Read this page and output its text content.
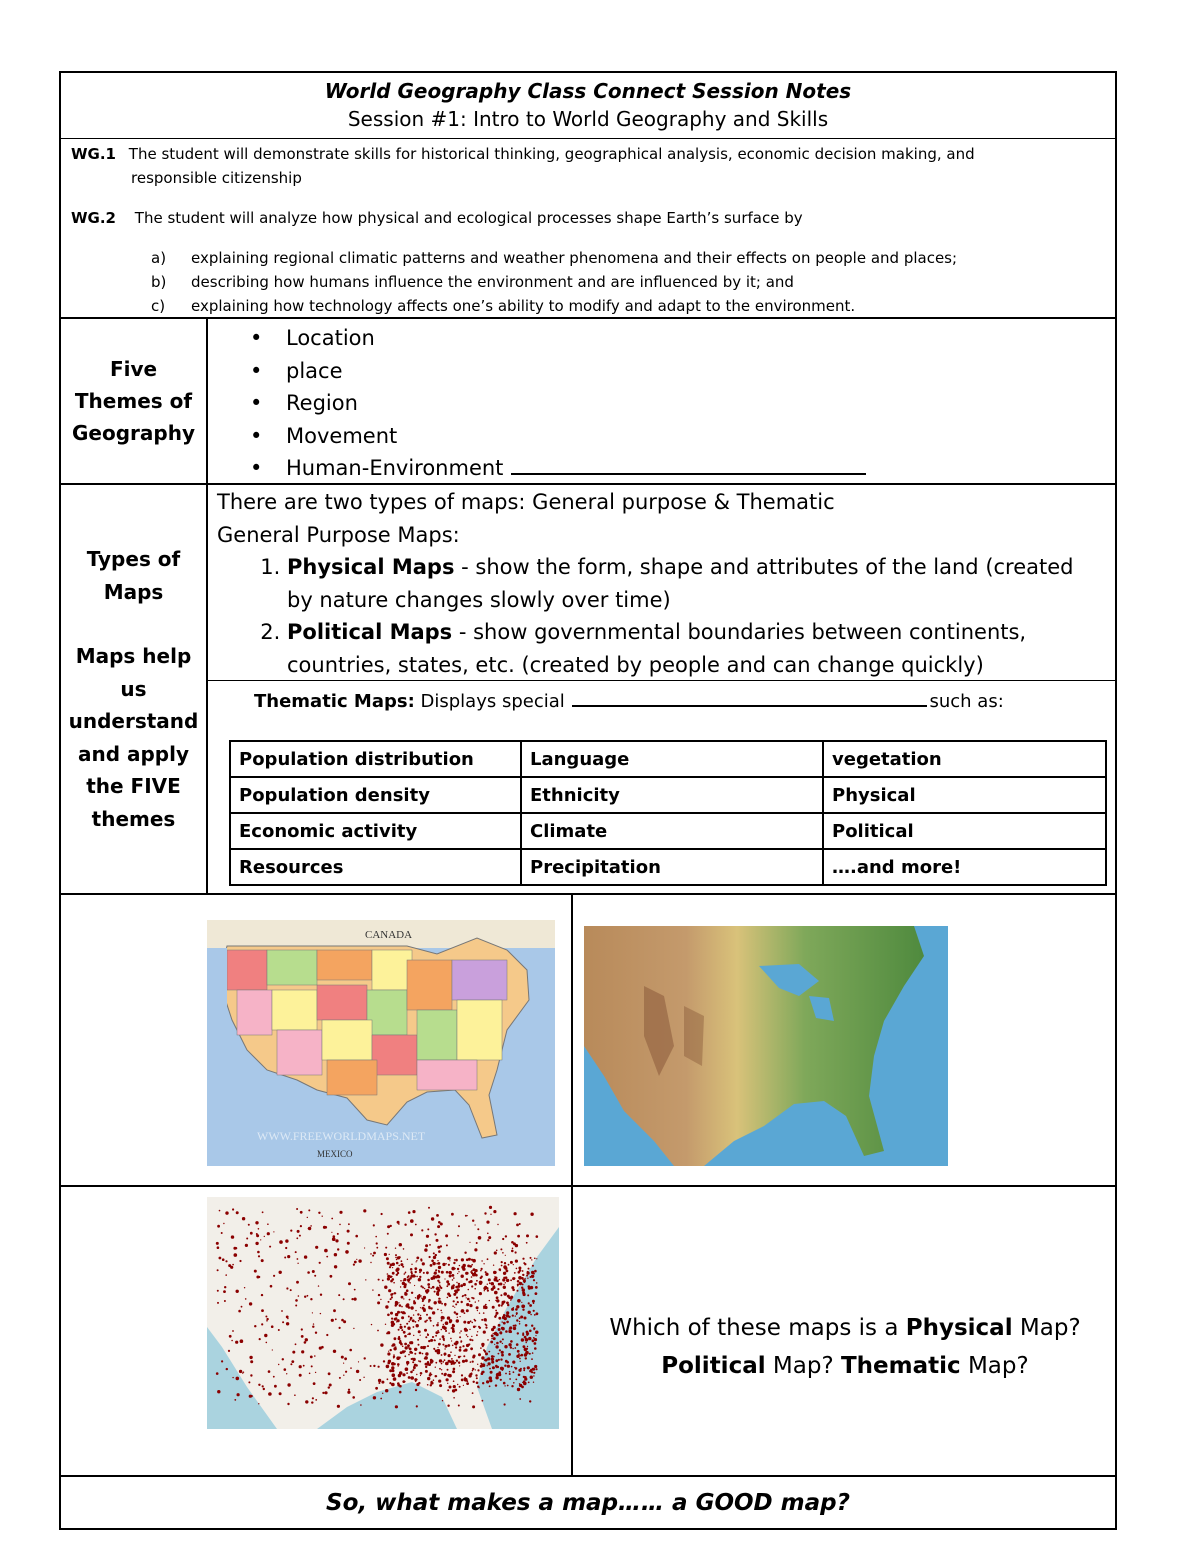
World Geography Class Connect Session Notes
Session #1: Intro to World Geography and Skills
WG.1 The student will demonstrate skills for historical thinking, geographical analysis, economic decision making, and
responsible citizenship
WG.2 The student will analyze how physical and ecological processes shape Earth’s surface by
a) explaining regional climatic patterns and weather phenomena and their effects on people and places;
b) describing how humans influence the environment and are influenced by it; and
c) explaining how technology affects one’s ability to modify and adapt to the environment.
Five
Themes of
Geography
• Location
• place
• Region
• Movement
• Human-Environment
Types of
Maps
Maps help
us
understand
and apply
the FIVE
themes
There are two types of maps: General purpose & Thematic
General Purpose Maps:
1. Physical Maps - show the form, shape and attributes of the land (created
by nature changes slowly over time)
2. Political Maps - show governmental boundaries between continents,
countries, states, etc. (created by people and can change quickly)
Thematic Maps: Displays special	such as:
Population distribution	Language	vegetation
Population density	Ethnicity	Physical
Economic activity	Climate	Political
Resources	Precipitation	….and more!
CANADA
MEXICO
WWW.FREEWORLDMAPS.NET
Which of these maps is a Physical Map?
Political Map? Thematic Map?
So, what makes a map…… a GOOD map?
